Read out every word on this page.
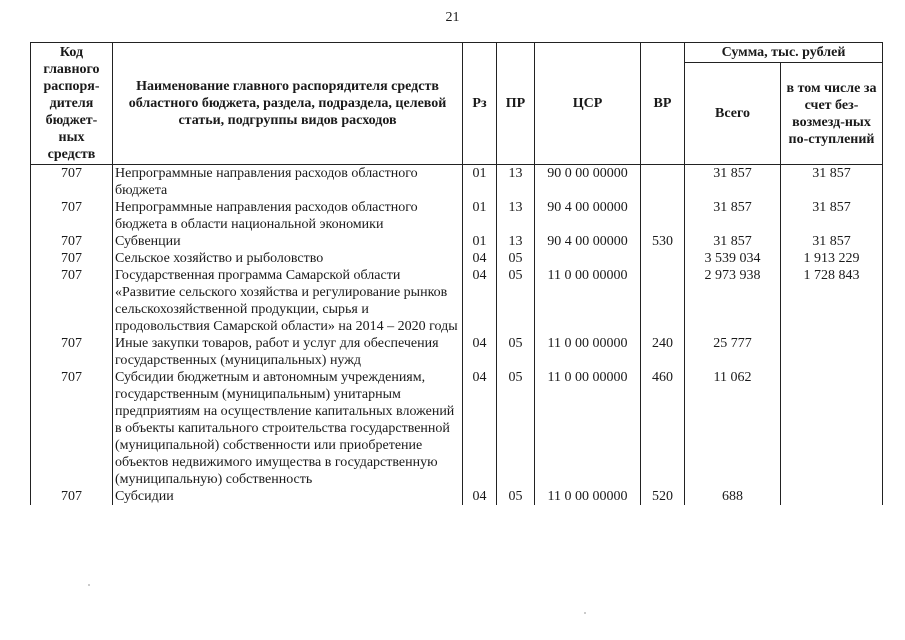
21
Код главного распоря-дителя бюджет-ных средств	Наименование главного распорядителя средств областного бюджета, раздела, подраздела, целевой статьи, подгруппы видов расходов	Рз	ПР	ЦСР	ВР	Сумма, тыс. рублей	
						Всего	в том числе за счет без-возмезд-ных по-ступлений
707	Непрограммные направления расходов областного бюджета	01	13	90 0 00 00000		31 857	31 857
707	Непрограммные направления расходов областного бюджета в области национальной экономики	01	13	90 4 00 00000		31 857	31 857
707	Субвенции	01	13	90 4 00 00000	530	31 857	31 857
707	Сельское хозяйство и рыболовство	04	05			3 539 034	1 913 229
707	Государственная программа Самарской области «Развитие сельского хозяйства и регулирование рынков сельскохозяйственной продукции, сырья и продовольствия Самарской области» на 2014 – 2020 годы	04	05	11 0 00 00000		2 973 938	1 728 843
707	Иные закупки товаров, работ и услуг для обеспечения государственных (муниципальных) нужд	04	05	11 0 00 00000	240	25 777	
707	Субсидии бюджетным и автономным учреждениям, государственным (муниципальным) унитарным предприятиям на осуществление капитальных вложений в объекты капитального строительства государственной (муниципальной) собственности или приобретение объектов недвижимого имущества в государственную (муниципальную) собственность	04	05	11 0 00 00000	460	11 062	
707	Субсидии	04	05	11 0 00 00000	520	688	
